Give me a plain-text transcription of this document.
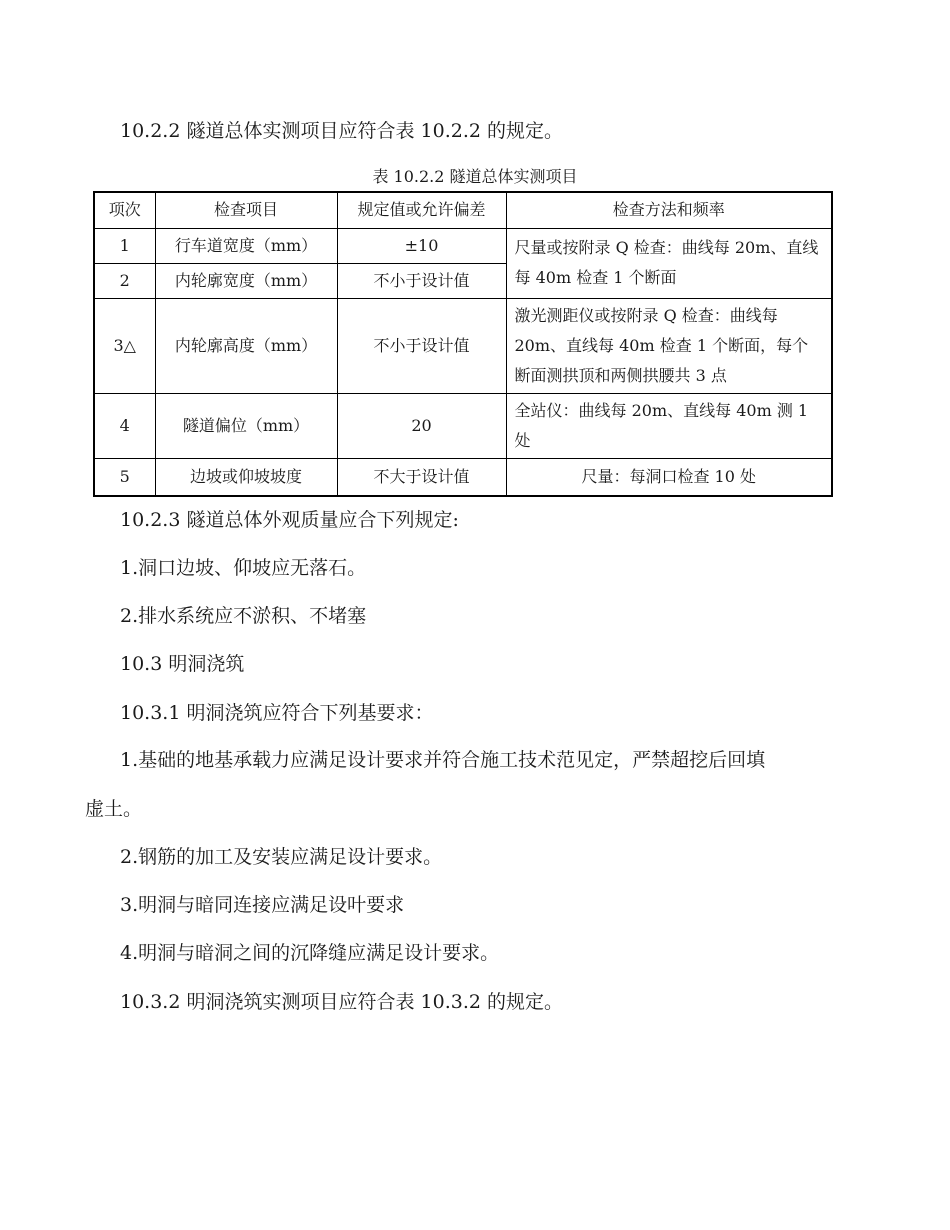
10.2.2 隧道总体实测项目应符合表 10.2.2 的规定。
表 10.2.2 隧道总体实测项目
项次	检查项目	规定值或允许偏差	检查方法和频率
1	行车道宽度（mm）	±10	尺量或按附录 Q 检查：曲线每 20m、直线每 40m 检查 1 个断面
2	内轮廓宽度（mm）	不小于设计值	
3△	内轮廓高度（mm）	不小于设计值	激光测距仪或按附录 Q 检查：曲线每 20m、直线每 40m 检查 1 个断面，每个断面测拱顶和两侧拱腰共 3 点
4	隧道偏位（mm）	20	全站仪：曲线每 20m、直线每 40m 测 1 处
5	边坡或仰坡坡度	不大于设计值	尺量：每洞口检查 10 处
10.2.3 隧道总体外观质量应合下列规定:
1.洞口边坡、仰坡应无落石。
2.排水系统应不淤积、不堵塞
10.3 明洞浇筑
10.3.1 明洞浇筑应符合下列基要求：
1.基础的地基承载力应满足设计要求并符合施工技术范见定，严禁超挖后回填
虚土。
2.钢筋的加工及安装应满足设计要求。
3.明洞与暗同连接应满足设叶要求
4.明洞与暗洞之间的沉降缝应满足设计要求。
10.3.2 明洞浇筑实测项目应符合表 10.3.2 的规定。
